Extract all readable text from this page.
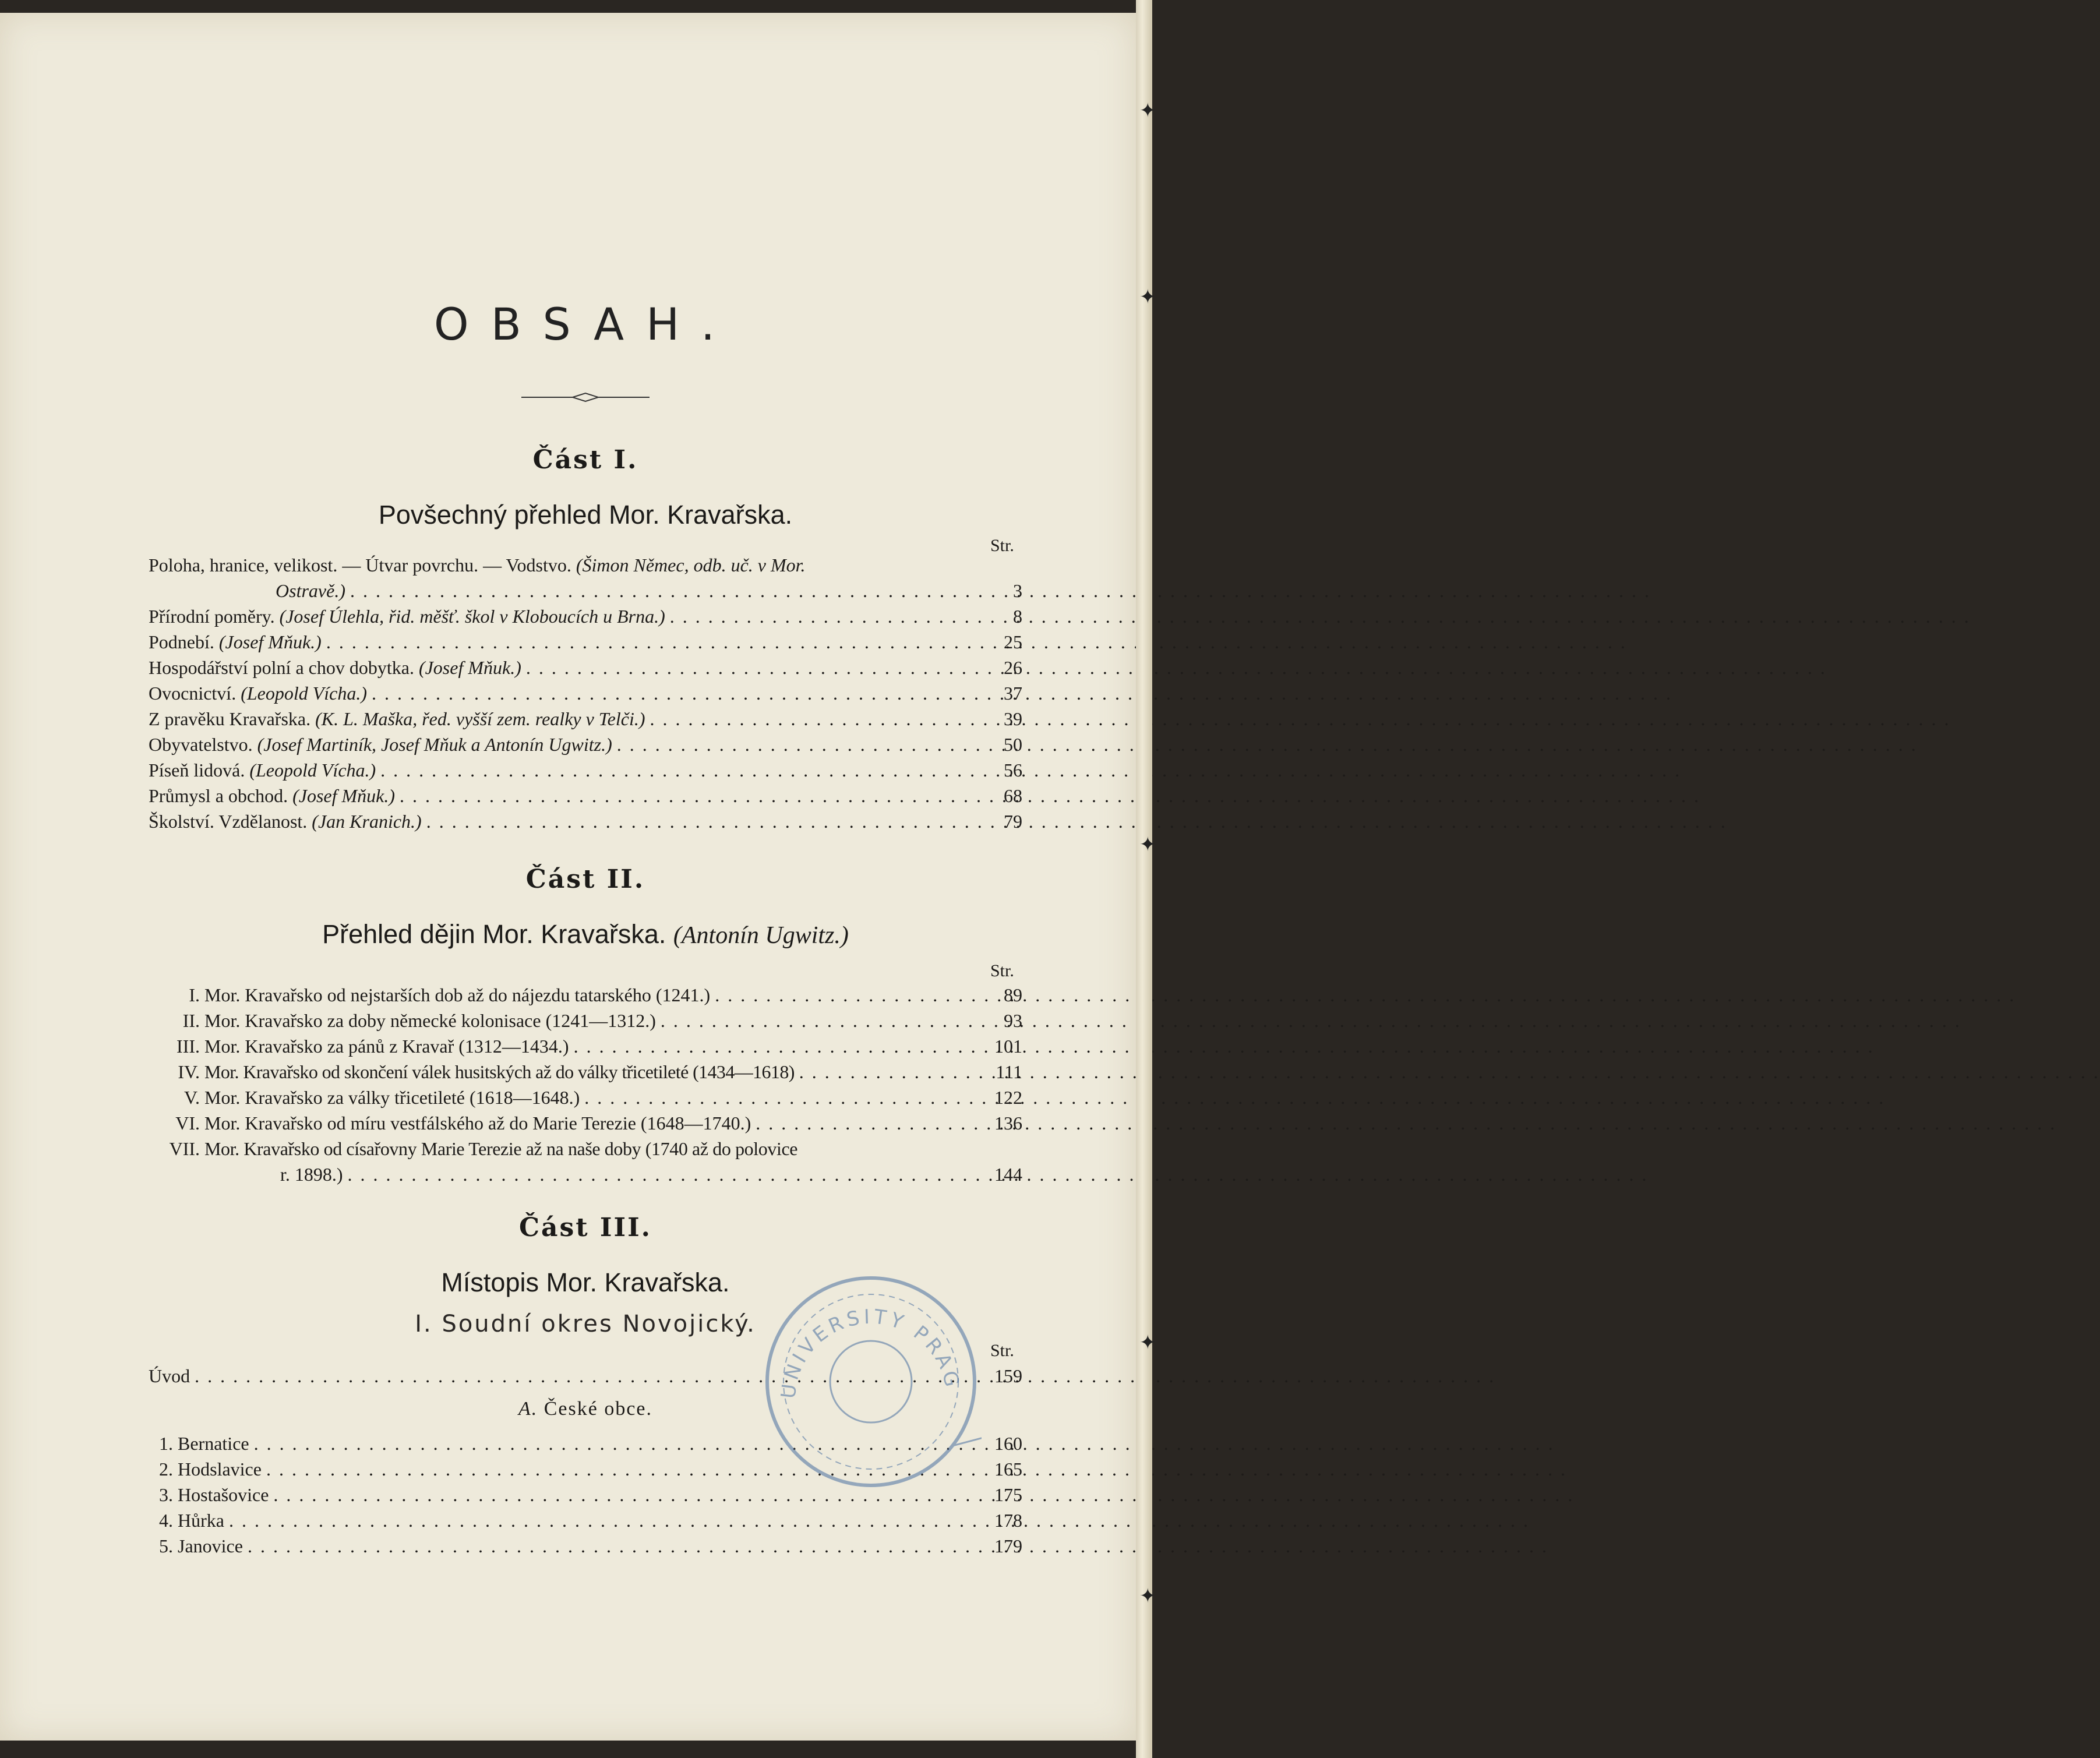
OBSAH.
Část I.
Povšechný přehled Mor. Kravařska.
Str.
Poloha, hranice, velikost. — Útvar povrchu. — Vodstvo. (Šimon Němec, odb. uč. v Mor.
Ostravě.) . . .	3
Přírodní poměry. (Josef Úlehla, řid. měšť. škol v Kloboucích u Brna.) . . .	8
Podnebí. (Josef Mňuk.) . . .	25
Hospodářství polní a chov dobytka. (Josef Mňuk.) . . .	26
Ovocnictví. (Leopold Vícha.) . . .	37
Z pravěku Kravařska. (K. L. Maška, řed. vyšší zem. realky v Telči.) . . .	39
Obyvatelstvo. (Josef Martiník, Josef Mňuk a Antonín Ugwitz.) . . .	50
Píseň lidová. (Leopold Vícha.) . . .	56
Průmysl a obchod. (Josef Mňuk.) . . .	68
Školství. Vzdělanost. (Jan Kranich.) . . .	79
Část II.
Přehled dějin Mor. Kravařska. (Antonín Ugwitz.)
Str.
I. Mor. Kravařsko od nejstarších dob až do nájezdu tatarského (1241.) . . .	89
II. Mor. Kravařsko za doby německé kolonisace (1241—1312.) . . .	93
III. Mor. Kravařsko za pánů z Kravař (1312—1434.) . . .	101
IV. Mor. Kravařsko od skončení válek husitských až do války třicetileté (1434—1618) . . .	111
V. Mor. Kravařsko za války třicetileté (1618—1648.) . . .	122
VI. Mor. Kravařsko od míru vestfálského až do Marie Terezie (1648—1740.) . . .	136
VII. Mor. Kravařsko od císařovny Marie Terezie až na naše doby (1740 až do polovice
r. 1898.) . . .	144
Část III.
Místopis Mor. Kravařska.
I. Soudní okres Novojický.
Str.
Úvod . . .	159
A. České obce.
1. Bernatice . . .	160
2. Hodslavice . . .	165
3. Hostašovice . . .	175
4. Hůrka . . .	178
5. Janovice . . .	179
UNIVERSITY PRAG
✦
✦
✦
✦
✦
